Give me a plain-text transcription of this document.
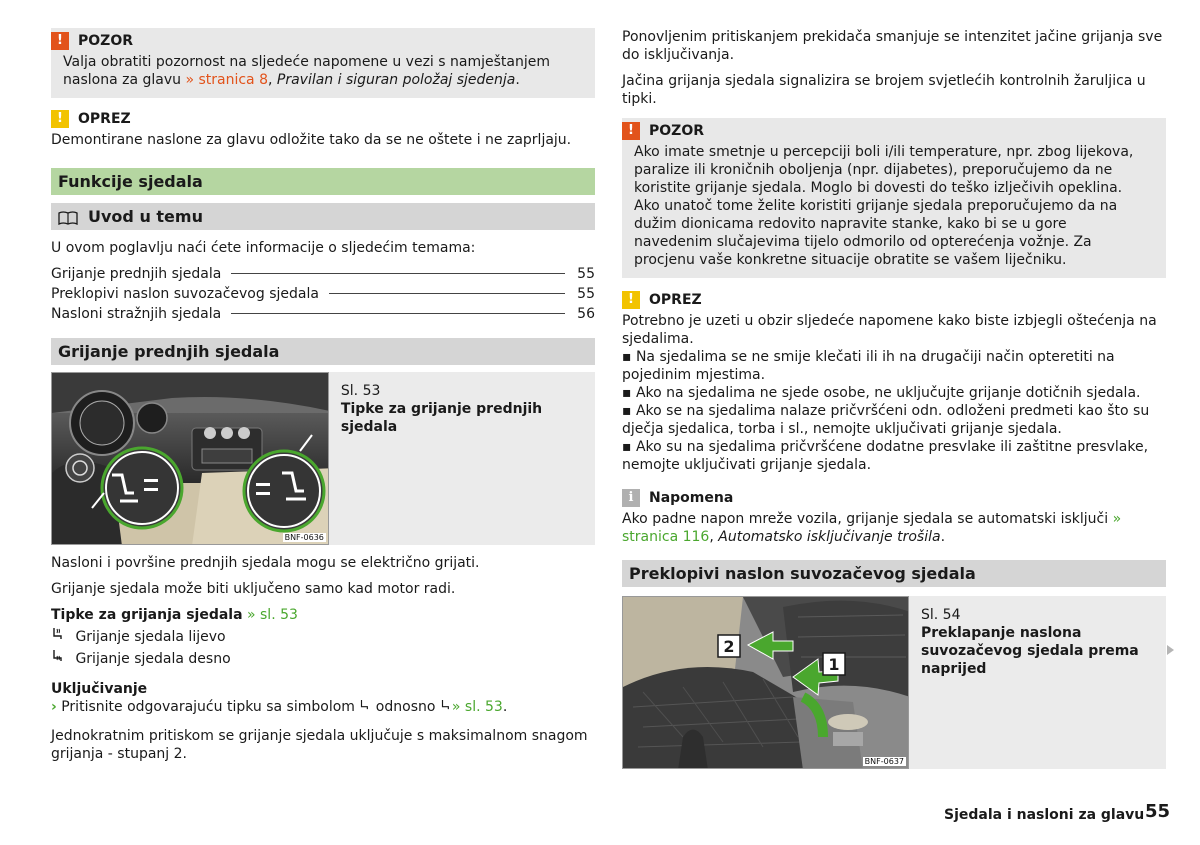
!	POZOR
Valja obratiti pozornost na sljedeće napomene u vezi s namještanjem naslona za glavu » stranica 8, Pravilan i siguran položaj sjedenja.
!	OPREZ

Demontirane naslone za glavu odložite tako da se ne oštete i ne zaprljaju.

Funkcije sjedala
Uvod u temu

U ovom poglavlju naći ćete informacije o sljedećim temama:

Grijanje prednjih sjedala	55
Preklopivi naslon suvozačevog sjedala	55
Nasloni stražnjih sjedala	56
Grijanje prednjih sjedala
BNF-0636
Sl. 53
Tipke za grijanje prednjih sjedala

Nasloni i površine prednjih sjedala mogu se električno grijati.

Grijanje sjedala može biti uključeno samo kad motor radi.

Tipke za grijanja sjedala » sl. 53

Grijanje sjedala lijevo
Grijanje sjedala desno

Uključivanje

› Pritisnite odgovarajuću tipku sa simbolom  odnosno » sl. 53.

Jednokratnim pritiskom se grijanje sjedala uključuje s maksimalnom snagom grijanja - stupanj 2.

Ponovljenim pritiskanjem prekidača smanjuje se intenzitet jačine grijanja sve do isključivanja.

Jačina grijanja sjedala signalizira se brojem svjetlećih kontrolnih žaruljica u tipki.

!	POZOR
Ako imate smetnje u percepciji boli i/ili temperature, npr. zbog lijekova, paralize ili kroničnih oboljenja (npr. dijabetes), preporučujemo da ne koristite grijanje sjedala. Moglo bi dovesti do teško izlječivih opeklina. Ako unatoč tome želite koristiti grijanje sjedala preporučujemo da na dužim dionicama redovito napravite stanke, kako bi se u gore navedenim slučajevima tijelo odmorilo od opterećenja vožnje. Za procjenu vaše konkretne situacije obratite se vašem liječniku.
!	OPREZ

Potrebno je uzeti u obzir sljedeće napomene kako biste izbjegli oštećenja na sjedalima.

▪ Na sjedalima se ne smije klečati ili ih na drugačiji način opteretiti na pojedinim mjestima.
▪ Ako na sjedalima ne sjede osobe, ne uključujte grijanje dotičnih sjedala.
▪ Ako se na sjedalima nalaze pričvršćeni odn. odloženi predmeti kao što su dječja sjedalica, torba i sl., nemojte uključivati grijanje sjedala.
▪ Ako su na sjedalima pričvršćene dodatne presvlake ili zaštitne presvlake, nemojte uključivati grijanje sjedala.
i	Napomena

Ako padne napon mreže vozila, grijanje sjedala se automatski isključi » stranica 116, Automatsko isključivanje trošila.

Preklopivi naslon suvozačevog sjedala
1
2
BNF-0637
Sl. 54
Preklapanje naslona suvozačevog sjedala prema naprijed
Sjedala i nasloni za glavu 55
